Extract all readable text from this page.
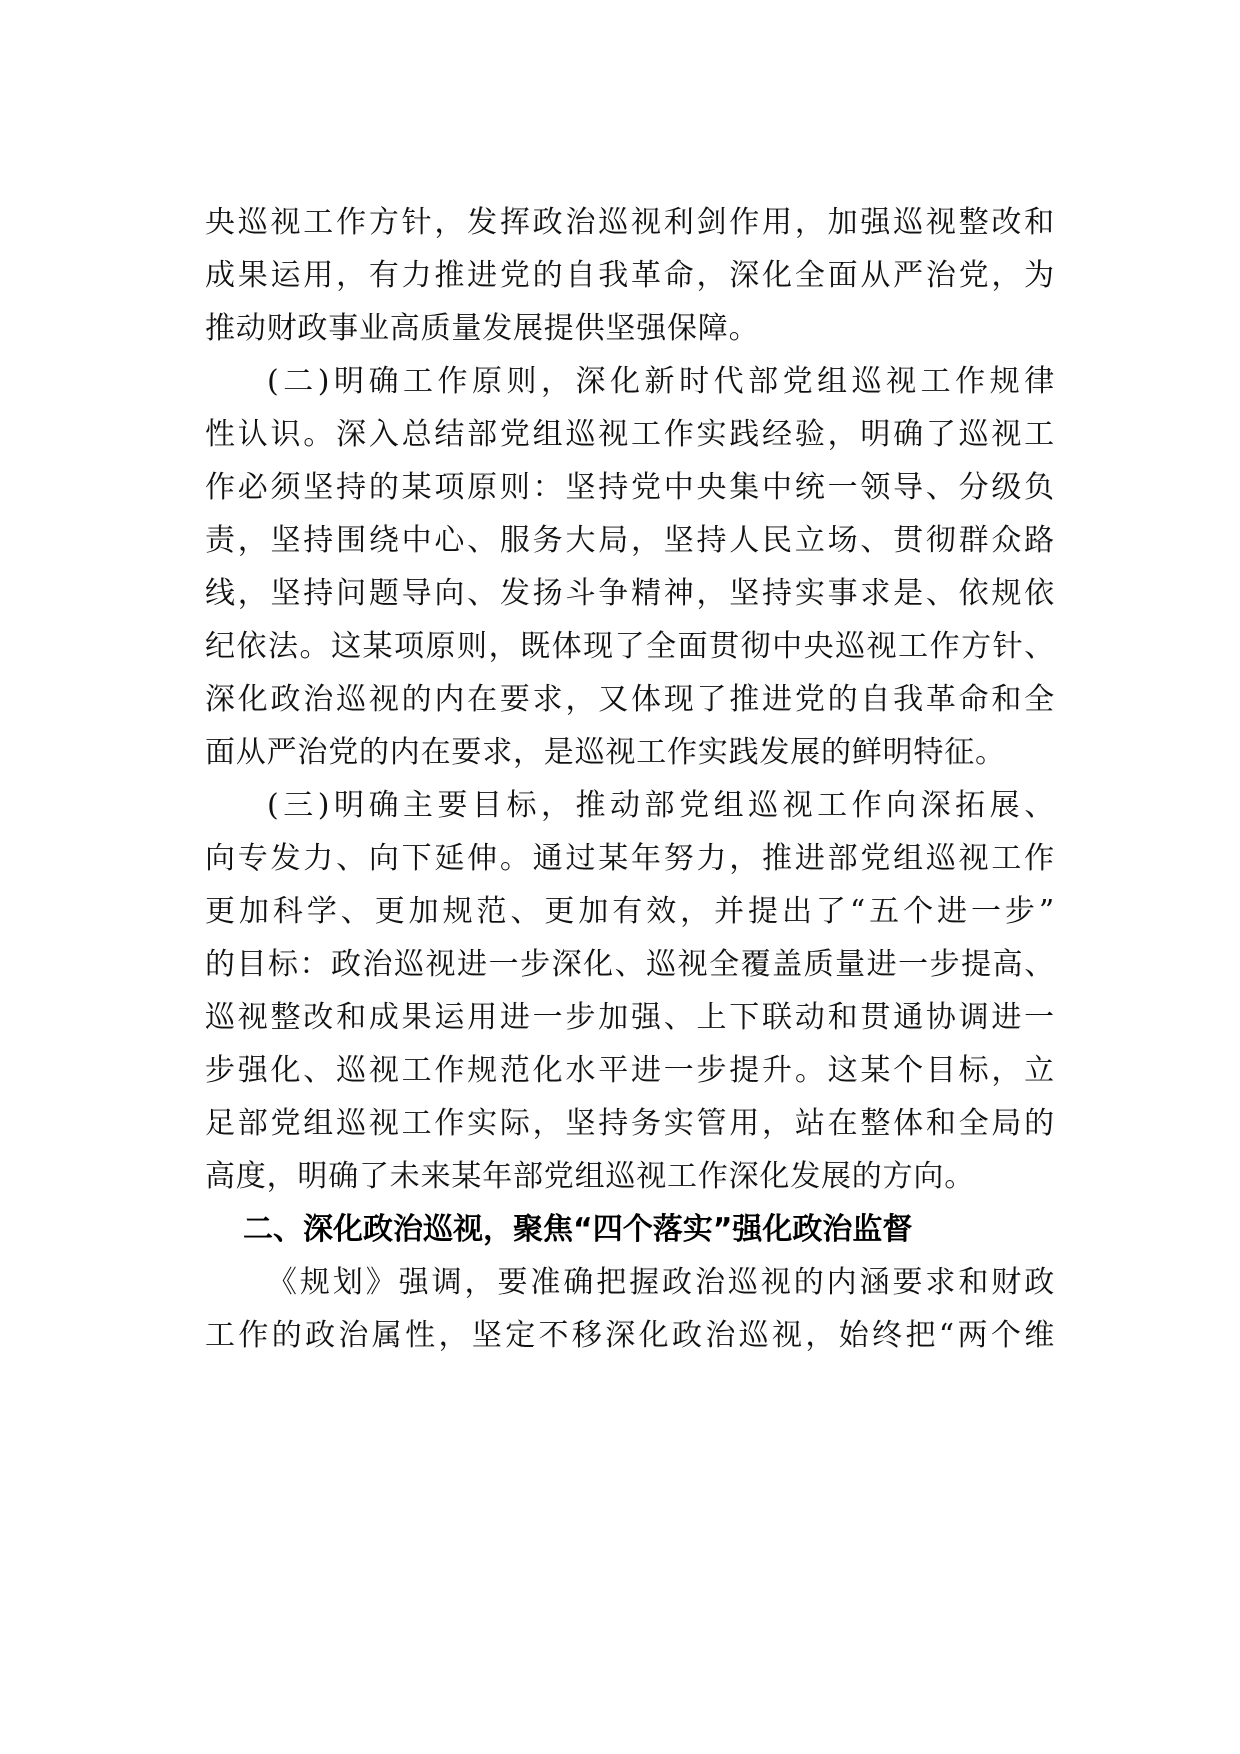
央巡视工作方针，发挥政治巡视利剑作用，加强巡视整改和
成果运用，有力推进党的自我革命，深化全面从严治党，为
推动财政事业高质量发展提供坚强保障。

(二)明确工作原则，深化新时代部党组巡视工作规律
性认识。深入总结部党组巡视工作实践经验，明确了巡视工
作必须坚持的某项原则：坚持党中央集中统一领导、分级负
责，坚持围绕中心、服务大局，坚持人民立场、贯彻群众路
线，坚持问题导向、发扬斗争精神，坚持实事求是、依规依
纪依法。这某项原则，既体现了全面贯彻中央巡视工作方针、
深化政治巡视的内在要求，又体现了推进党的自我革命和全
面从严治党的内在要求，是巡视工作实践发展的鲜明特征。

(三)明确主要目标，推动部党组巡视工作向深拓展、
向专发力、向下延伸。通过某年努力，推进部党组巡视工作
更加科学、更加规范、更加有效，并提出了“五个进一步”
的目标：政治巡视进一步深化、巡视全覆盖质量进一步提高、
巡视整改和成果运用进一步加强、上下联动和贯通协调进一
步强化、巡视工作规范化水平进一步提升。这某个目标，立
足部党组巡视工作实际，坚持务实管用，站在整体和全局的
高度，明确了未来某年部党组巡视工作深化发展的方向。

二、深化政治巡视，聚焦“四个落实”强化政治监督

《规划》强调，要准确把握政治巡视的内涵要求和财政
工作的政治属性，坚定不移深化政治巡视，始终把“两个维
